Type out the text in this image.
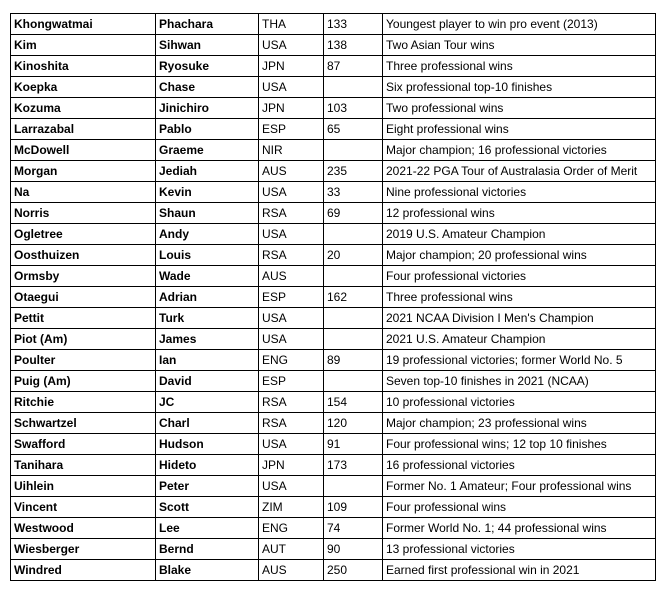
Khongwatmai	Phachara	THA	133	Youngest player to win pro event (2013)
Kim	Sihwan	USA	138	Two Asian Tour wins
Kinoshita	Ryosuke	JPN	87	Three professional wins
Koepka	Chase	USA		Six professional top-10 finishes
Kozuma	Jinichiro	JPN	103	Two professional wins
Larrazabal	Pablo	ESP	65	Eight professional wins
McDowell	Graeme	NIR		Major champion; 16 professional victories
Morgan	Jediah	AUS	235	2021-22 PGA Tour of Australasia Order of Merit
Na	Kevin	USA	33	Nine professional victories
Norris	Shaun	RSA	69	12 professional wins
Ogletree	Andy	USA		2019 U.S. Amateur Champion
Oosthuizen	Louis	RSA	20	Major champion; 20 professional wins
Ormsby	Wade	AUS		Four professional victories
Otaegui	Adrian	ESP	162	Three professional wins
Pettit	Turk	USA		2021 NCAA Division I Men's Champion
Piot (Am)	James	USA		2021 U.S. Amateur Champion
Poulter	Ian	ENG	89	19 professional victories; former World No. 5
Puig (Am)	David	ESP		Seven top-10 finishes in 2021 (NCAA)
Ritchie	JC	RSA	154	10 professional victories
Schwartzel	Charl	RSA	120	Major champion; 23 professional wins
Swafford	Hudson	USA	91	Four professional wins; 12 top 10 finishes
Tanihara	Hideto	JPN	173	16 professional victories
Uihlein	Peter	USA		Former No. 1 Amateur; Four professional wins
Vincent	Scott	ZIM	109	Four professional wins
Westwood	Lee	ENG	74	Former World No. 1; 44 professional wins
Wiesberger	Bernd	AUT	90	13 professional victories
Windred	Blake	AUS	250	Earned first professional win in 2021
